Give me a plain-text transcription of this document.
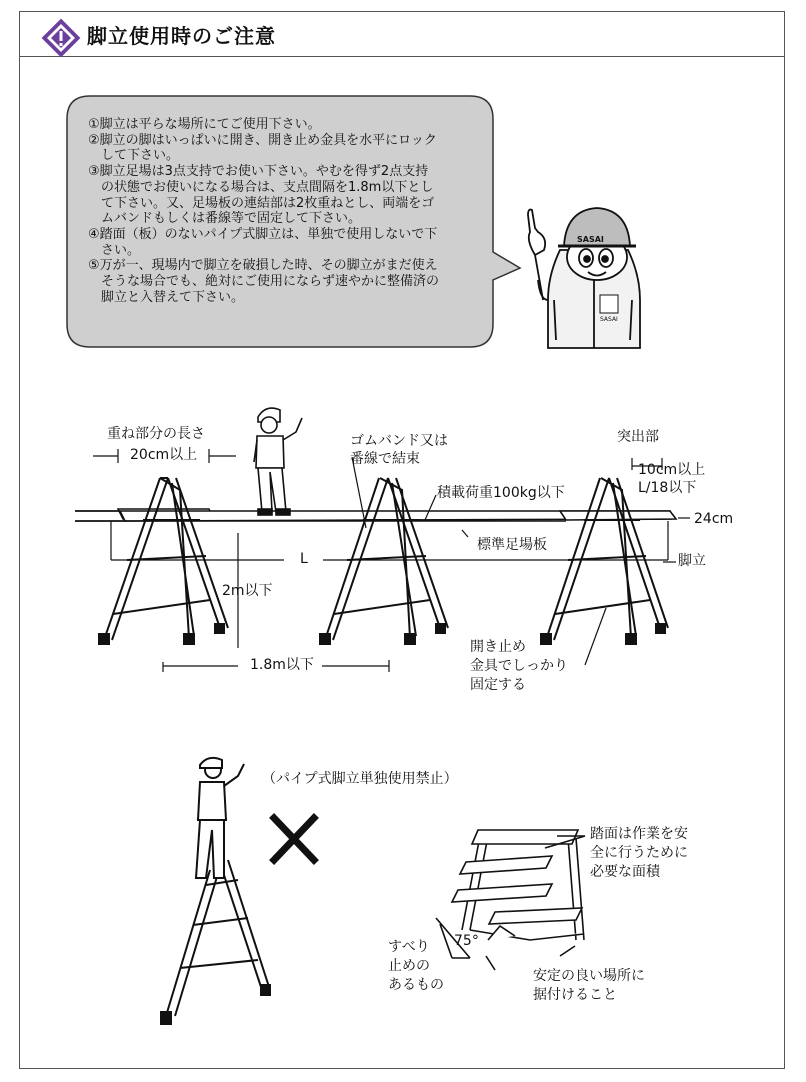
脚立使用時のご注意
①脚立は平らな場所にてご使用下さい。
②脚立の脚はいっぱいに開き、開き止め金具を水平にロック
　して下さい。
③脚立足場は3点支持でお使い下さい。やむを得ず2点支持
　の状態でお使いになる場合は、支点間隔を1.8m以下とし
　て下さい。又、足場板の連結部は2枚重ねとし、両端をゴ
　ムバンドもしくは番線等で固定して下さい。
④踏面（板）のないパイプ式脚立は、単独で使用しないで下
　さい。
⑤万が一、現場内で脚立を破損した時、その脚立がまだ使え
　そうな場合でも、絶対にご使用にならず速やかに整備済の
　脚立と入替えて下さい。
SASAI
SASAI
重ね部分の長さ
20cm以上
ゴムバンド又は
番線で結束
突出部
10cm以上
L/18以下
積載荷重100kg以下
24cm
標準足場板
L	脚立
2m以下
1.8m以下
開き止め
金具でしっかり
固定する
（パイプ式脚立単独使用禁止）
踏面は作業を安
全に行うために
必要な面積
75°
すべり
止めの
あるもの
安定の良い場所に
据付けること
